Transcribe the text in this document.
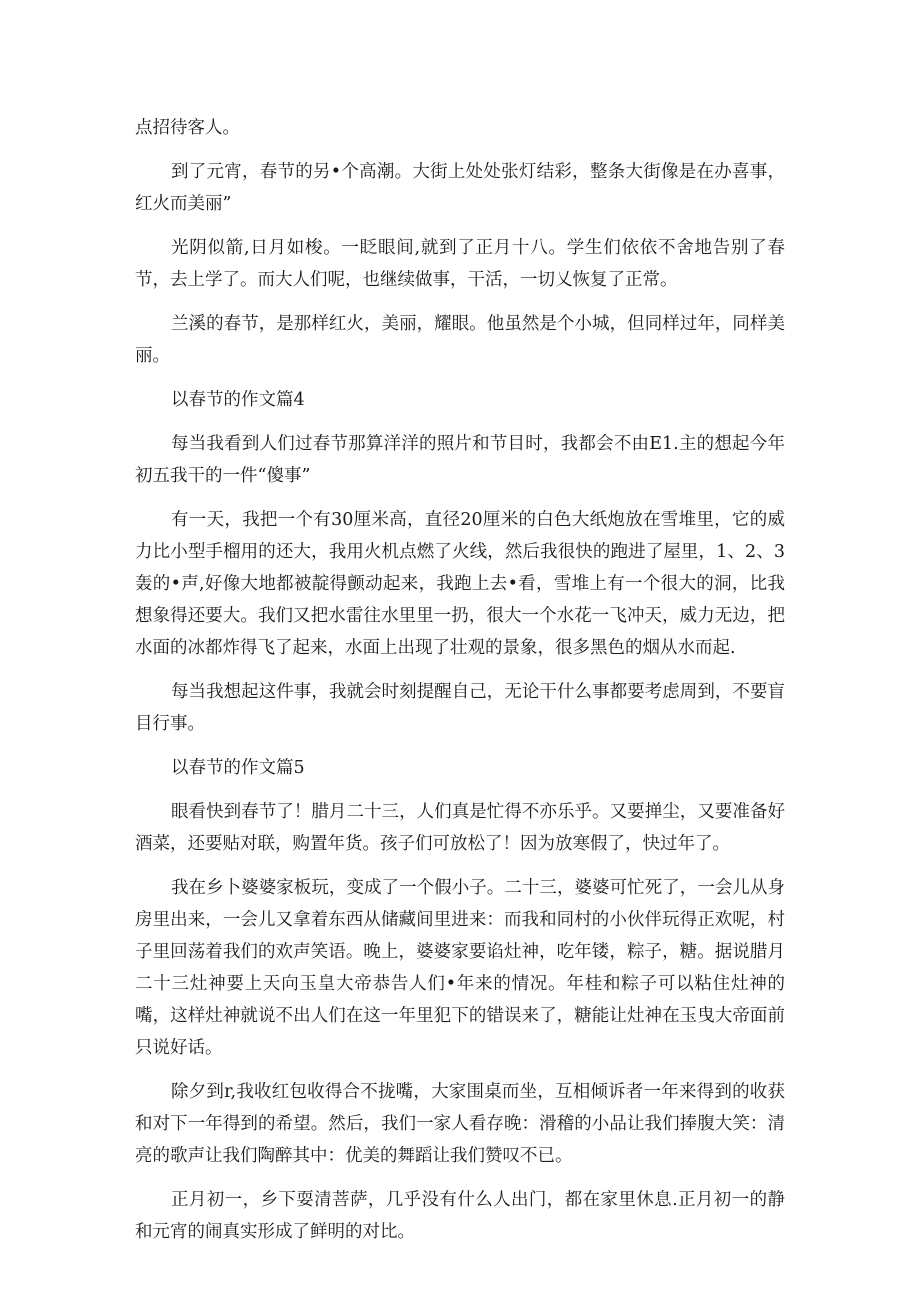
点招待客人。

到了元宵，春节的另•个高潮。大街上处处张灯结彩，整条大街像是在办喜事，红火而美丽”

光阴似箭,日月如梭。一眨眼间,就到了正月十八。学生们依依不舍地告别了春节，去上学了。而大人们呢，也继续做事，干活，一切乂恢复了正常。

兰溪的春节，是那样红火，美丽，耀眼。他虽然是个小城，但同样过年，同样美丽。

以春节的作文篇4

每当我看到人们过春节那算洋洋的照片和节目时，我都会不由E1.主的想起今年初五我干的一件“傻事”

有一天，我把一个有30厘米高，直径20厘米的白色大纸炮放在雪堆里，它的威力比小型手榴用的还大，我用火机点燃了火线，然后我很快的跑进了屋里，1、2、3轰的•声,好像大地都被靛得颤动起来，我跑上去•看，雪堆上有一个很大的洞，比我想象得还要大。我们又把水雷往水里里一扔，很大一个水花一飞冲天，威力无边，把水面的冰都炸得飞了起来，水面上出现了壮观的景象，很多黑色的烟从水而起.

每当我想起这件事，我就会时刻提醒自己，无论干什么事都要考虑周到，不要盲目行事。

以春节的作文篇5

眼看快到春节了！腊月二十三，人们真是忙得不亦乐乎。又要掸尘，又要准备好酒菜，还要贴对联，购置年货。孩子们可放松了！因为放寒假了，快过年了。

我在乡卜婆婆家板玩，变成了一个假小子。二十三，婆婆可忙死了，一会儿从身房里出来，一会儿又拿着东西从储藏间里进来：而我和同村的小伙伴玩得正欢呢，村子里回荡着我们的欢声笑语。晚上，婆婆家要谄灶神，吃年镂，粽子，糖。据说腊月二十三灶神要上天向玉皇大帝恭告人们•年来的情况。年桂和粽子可以粘住灶神的嘴，这样灶神就说不出人们在这一年里犯下的错误来了，糖能让灶神在玉曳大帝面前只说好话。

除夕到r,我收红包收得合不拢嘴，大家围桌而坐，互相倾诉者一年来得到的收获和对下一年得到的希望。然后，我们一家人看存晚：滑稽的小品让我们捧腹大笑：清亮的歌声让我们陶醉其中：优美的舞蹈让我们赞叹不已。

正月初一，乡下耍清菩萨，几乎没有什么人出门，都在家里休息.正月初一的静和元宵的闹真实形成了鲜明的对比。
